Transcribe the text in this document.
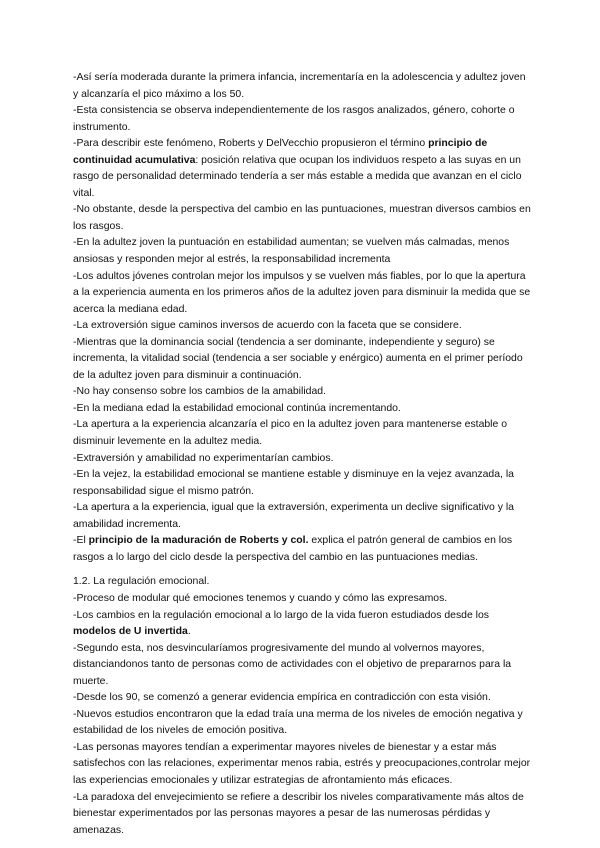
-Así sería moderada durante la primera infancia, incrementaría en la adolescencia y adultez joven y alcanzaría el pico máximo a los 50.

-Esta consistencia se observa independientemente de los rasgos analizados, género, cohorte o instrumento.

-Para describir este fenómeno, Roberts y DelVecchio propusieron el término principio de continuidad acumulativa: posición relativa que ocupan los individuos respeto a las suyas en un rasgo de personalidad determinado tendería a ser más estable a medida que avanzan en el ciclo vital.

-No obstante, desde la perspectiva del cambio en las puntuaciones, muestran diversos cambios en los rasgos.

-En la adultez joven la puntuación en estabilidad aumentan; se vuelven más calmadas, menos ansiosas y responden mejor al estrés, la responsabilidad incrementa

-Los adultos jóvenes controlan mejor los impulsos y se vuelven más fiables, por lo que la apertura a la experiencia aumenta en los primeros años de la adultez joven para disminuir la medida que se acerca la mediana edad.

-La extroversión sigue caminos inversos de acuerdo con la faceta que se considere.

-Mientras que la dominancia social (tendencia a ser dominante, independiente y seguro) se incrementa, la vitalidad social (tendencia a ser sociable y enérgico) aumenta en el primer período de la adultez joven para disminuir a continuación.

-No hay consenso sobre los cambios de la amabilidad.

-En la mediana edad la estabilidad emocional continúa incrementando.

-La apertura a la experiencia alcanzaría el pico en la adultez joven para mantenerse estable o disminuir levemente en la adultez media.

-Extraversión y amabilidad no experimentarían cambios.

-En la vejez, la estabilidad emocional se mantiene estable y disminuye en la vejez avanzada, la responsabilidad sigue el mismo patrón.

-La apertura a la experiencia, igual que la extraversión, experimenta un declive significativo y la amabilidad incrementa.

-El principio de la maduración de Roberts y col. explica el patrón general de cambios en los rasgos a lo largo del ciclo desde la perspectiva del cambio en las puntuaciones medias.

1.2. La regulación emocional.

-Proceso de modular qué emociones tenemos y cuando y cómo las expresamos.

-Los cambios en la regulación emocional a lo largo de la vida fueron estudiados desde los modelos de U invertida.

-Segundo esta, nos desvincularíamos progresivamente del mundo al volvernos mayores, distanciandonos tanto de personas como de actividades con el objetivo de prepararnos para la muerte.

-Desde los 90, se comenzó a generar evidencia empírica en contradicción con esta visión.

-Nuevos estudios encontraron que la edad traía una merma de los niveles de emoción negativa y estabilidad de los niveles de emoción positiva.

-Las personas mayores tendían a experimentar mayores niveles de bienestar y a estar más satisfechos con las relaciones, experimentar menos rabia, estrés y preocupaciones,controlar mejor las experiencias emocionales y utilizar estrategias de afrontamiento más eficaces.

-La paradoxa del envejecimiento se refiere a describir los niveles comparativamente más altos de bienestar experimentados por las personas mayores a pesar de las numerosas pérdidas y amenazas.
